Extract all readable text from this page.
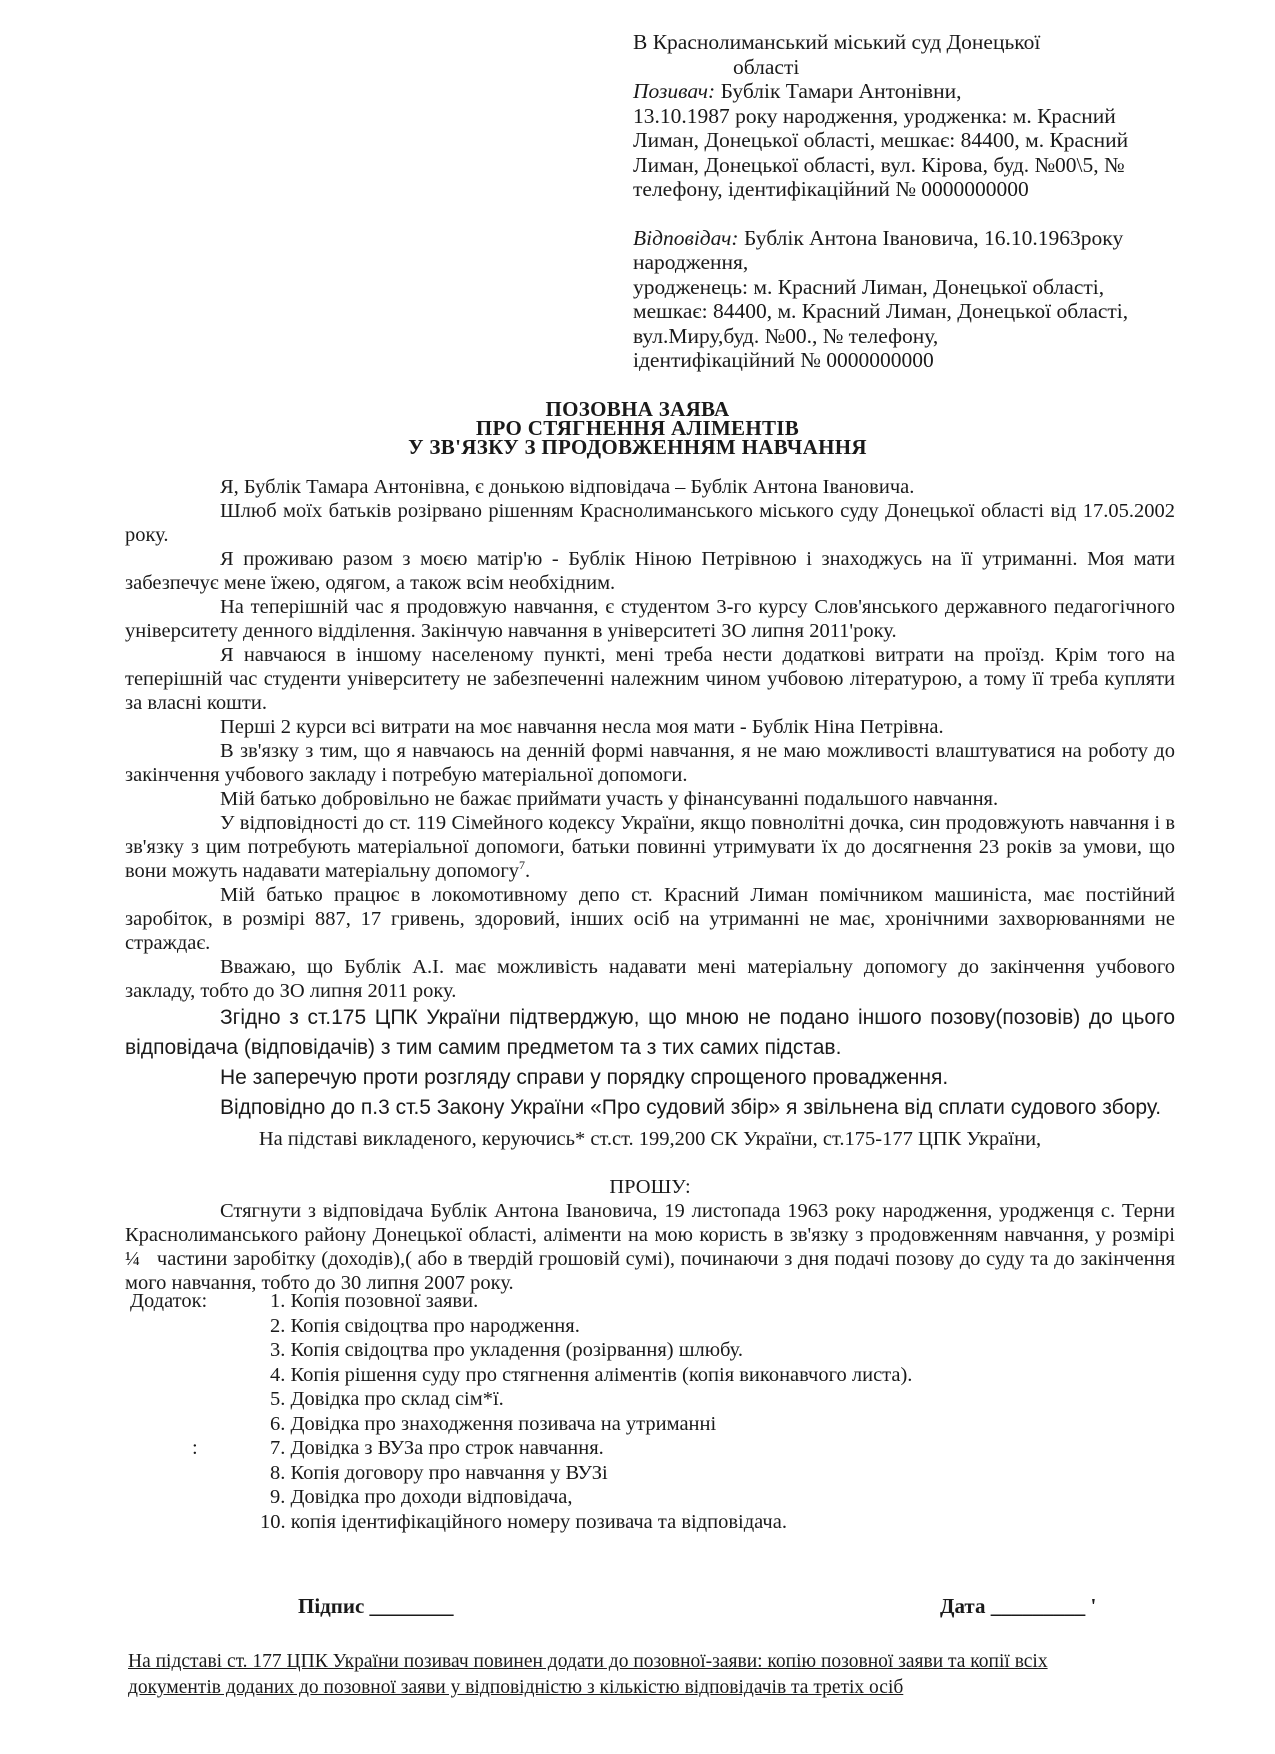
В Краснолиманський міський суд Донецької
області
Позивач: Бублік Тамари Антонівни,
13.10.1987 року народження, уродженка: м. Красний
Лиман, Донецької області, мешкає: 84400, м. Красний
Лиман, Донецької області, вул. Кірова, буд. №00\5, №
телефону, ідентифікаційний № 0000000000
Відповідач: Бублік Антона Івановича, 16.10.1963року
народження,
уродженець: м. Красний Лиман, Донецької області,
мешкає: 84400, м. Красний Лиман, Донецької області,
вул.Миру,буд. №00., № телефону,
ідентифікаційний № 0000000000
ПОЗОВНА ЗАЯВА
ПРО СТЯГНЕННЯ АЛІМЕНТІВ
У ЗВ'ЯЗКУ З ПРОДОВЖЕННЯМ НАВЧАННЯ

Я, Бублік Тамара Антонівна, є донькою відповідача – Бублік Антона Івановича.

Шлюб моїх батьків розірвано рішенням Краснолиманського міського суду Донецької області від 17.05.2002 року.

Я проживаю разом з моєю матір'ю - Бублік Ніною Петрівною і знаходжусь на її утриманні. Моя мати забезпечує мене їжею, одягом, а також всім необхідним.

На теперішній час я продовжую навчання, є студентом 3-го курсу Слов'янського державного педагогічного університету денного відділення. Закінчую навчання в університеті ЗО липня 2011'року.

Я навчаюся в іншому населеному пункті, мені треба нести додаткові витрати на проїзд. Крім того на теперішній час студенти університету не забезпеченні належним чином учбовою літературою, а тому її треба купляти за власні кошти.

Перші 2 курси всі витрати на моє навчання несла моя мати - Бублік Ніна Петрівна.

В зв'язку з тим, що я навчаюсь на денній формі навчання, я не маю можливості влаштуватися на роботу до закінчення учбового закладу і потребую матеріальної допомоги.

Мій батько добровільно не бажає приймати участь у фінансуванні подальшого навчання.

У відповідності до ст. 119 Сімейного кодексу України, якщо повнолітні дочка, син продовжують навчання і в зв'язку з цим потребують матеріальної допомоги, батьки повинні утримувати їх до досягнення 23 років за умови, що вони можуть надавати матеріальну допомогу$^7$.

Мій батько працює в локомотивному депо ст. Красний Лиман помічником машиніста, має постійний заробіток, в розмірі 887, 17 гривень, здоровий, інших осіб на утриманні не має, хронічними захворюваннями не страждає.

Вважаю, що Бублік А.І. має можливість надавати мені матеріальну допомогу до закінчення учбового закладу, тобто до ЗО липня 2011 року.

Згідно з ст.175 ЦПК України підтверджую, що мною не подано іншого позову(позовів) до цього відповідача (відповідачів) з тим самим предметом та з тих самих підстав.

Не заперечую проти розгляду справи у порядку спрощеного провадження.

Відповідно до п.3 ст.5 Закону України «Про судовий збір» я звільнена від сплати судового збору.

На підставі викладеного, керуючись* ст.ст. 199,200 СК України, ст.175-177 ЦПК України,

ПРОШУ:

Стягнути з відповідача Бублік Антона Івановича, 19 листопада 1963 року народження, уродженця с. Терни Краснолиманського району Донецької області, аліменти на мою користь в зв'язку з продовженням навчання, у розмірі ¼ частини заробітку (доходів),( або в твердій грошовій сумі), починаючи з дня подачі позову до суду та до закінчення мого навчання, тобто до 30 липня 2007 року.

Додаток:
:
1. Копія позовної заяви.
2. Копія свідоцтва про народження.
3. Копія свідоцтва про укладення (розірвання) шлюбу.
4. Копія рішення суду про стягнення аліментів (копія виконавчого листа).
5. Довідка про склад сім*ї.
6. Довідка про знаходження позивача на утриманні
7. Довідка з ВУЗа про строк навчання.
8. Копія договору про навчання у ВУЗі
9. Довідка про доходи відповідача,
10. копія ідентифікаційного номеру позивача та відповідача.
Підпис ________	Дата _________ '
На підставі ст. 177 ЦПК України позивач повинен додати до позовної-заяви: копію позовної заяви та копії всіх
документів доданих до позовної заяви у відповідністю з кількістю відповідачів та третіх осіб
